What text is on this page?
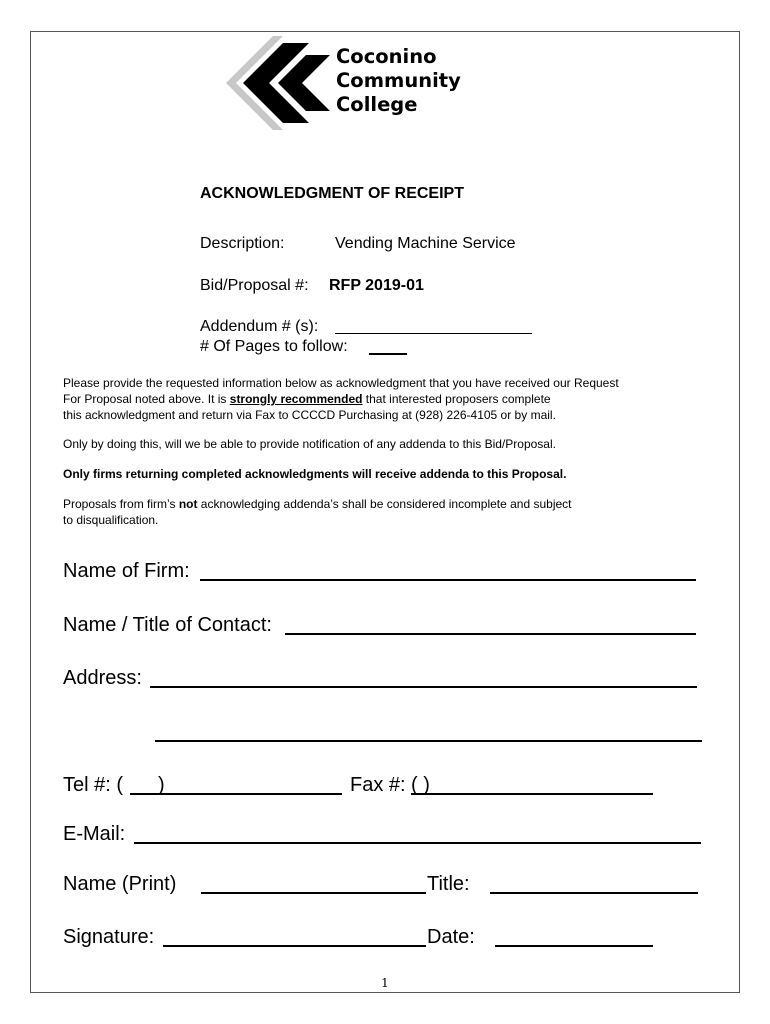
Coconino
Community
College
ACKNOWLEDGMENT OF RECEIPT
Description:	Vending Machine Service
Bid/Proposal #: RFP 2019-01
Addendum # (s):
# Of Pages to follow:
Please provide the requested information below as acknowledgment that you have received our Request
For Proposal noted above. It is strongly recommended that interested proposers complete
this acknowledgment and return via Fax to CCCCD Purchasing at (928) 226-4105 or by mail.
Only by doing this, will we be able to provide notification of any addenda to this Bid/Proposal.
Only firms returning completed acknowledgments will receive addenda to this Proposal.
Proposals from firm’s not acknowledging addenda’s shall be considered incomplete and subject
to disqualification.
Name of Firm:
Name / Title of Contact:
Address:
Tel #: ( )	Fax #: ( )
E-Mail:
Name (Print)	Title:
Signature:	Date:
1
